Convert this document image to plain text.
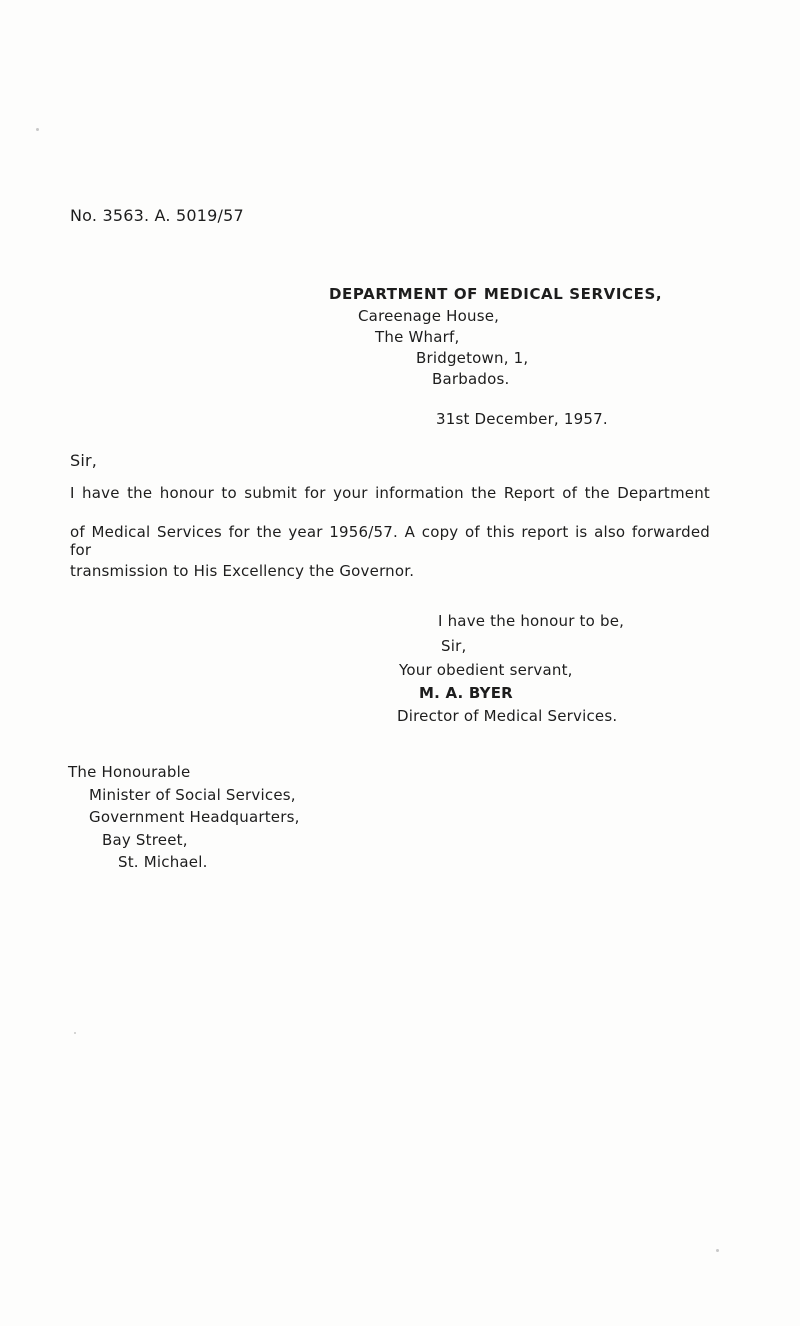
No. 3563. A. 5019/57
DEPARTMENT OF MEDICAL SERVICES,
Careenage House,
The Wharf,
Bridgetown, 1,
Barbados.
31st December, 1957.
Sir,
I have the honour to submit for your information the Report of the Department
of Medical Services for the year 1956/57. A copy of this report is also forwarded for
transmission to His Excellency the Governor.
I have the honour to be,
Sir,
Your obedient servant,
M. A. BYER
Director of Medical Services.
The Honourable
Minister of Social Services,
Government Headquarters,
Bay Street,
St. Michael.
